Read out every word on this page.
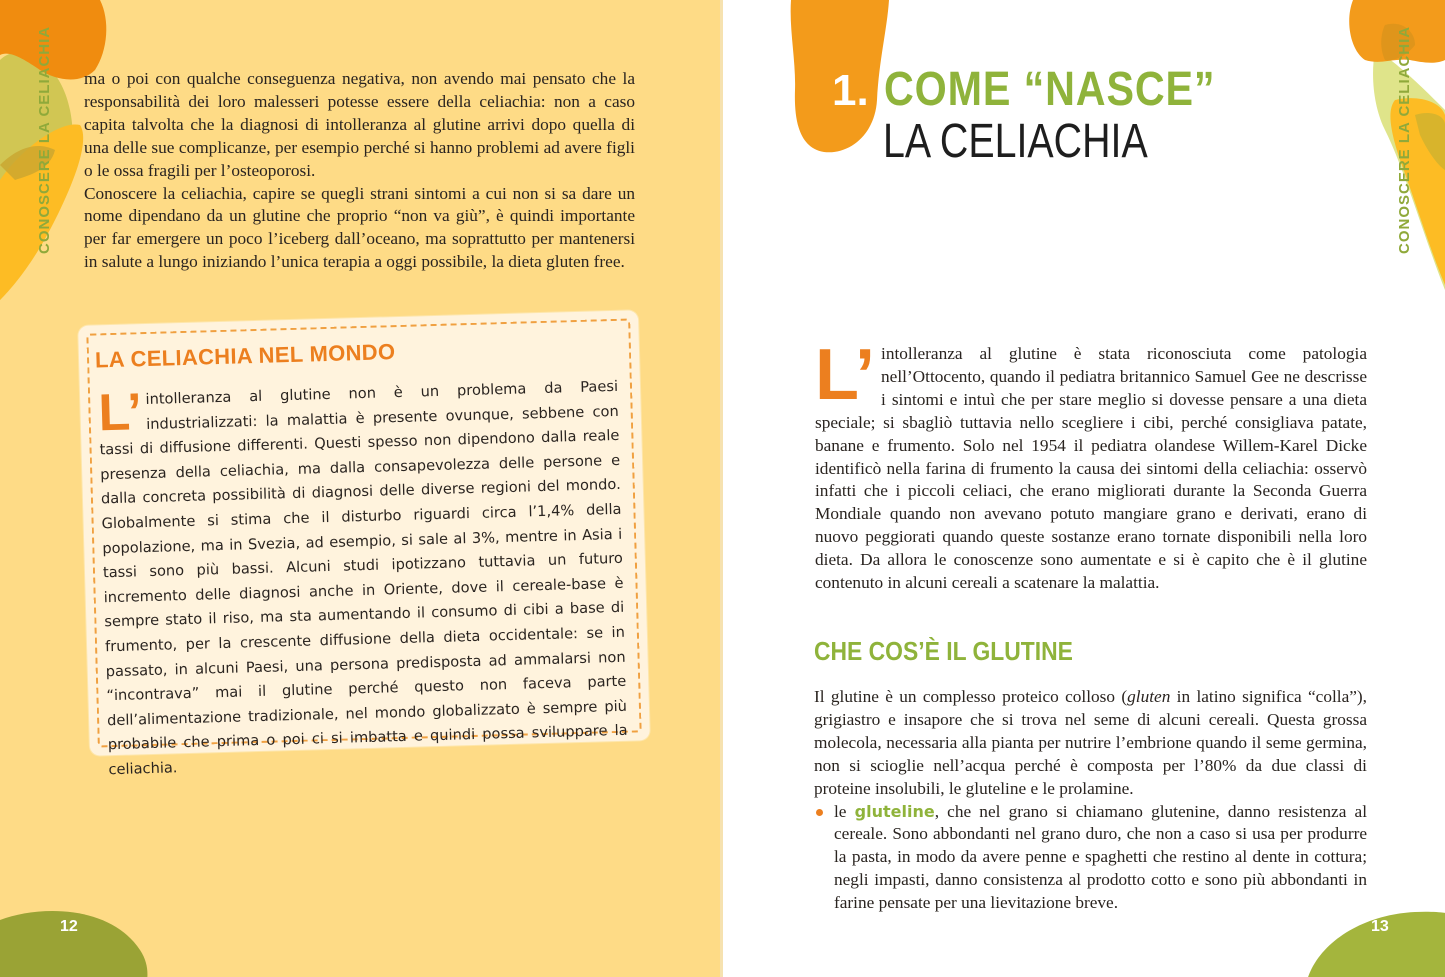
CONOSCERE LA CELIACHIA ma o poi con qualche conseguenza negativa, non avendo mai pensato che la responsabilità dei loro malesseri potesse essere della celiachia: non a caso capita talvolta che la diagnosi di intolleranza al glutine arrivi dopo quella di una delle sue complicanze, per esempio perché si hanno problemi ad avere figli o le ossa fragili per l’osteoporosi.

Conoscere la celiachia, capire se quegli strani sintomi a cui non si sa dare un nome dipendano da un glutine che proprio “non va giù”, è quindi importante per far emergere un poco l’iceberg dall’oceano, ma soprattutto per mantenersi in salute a lungo iniziando l’unica terapia a oggi possibile, la dieta gluten free.

LA CELIACHIA NEL MONDO
L’ intolleranza al glutine non è un problema da Paesi industrializzati: la malattia è presente ovunque, sebbene con tassi di diffusione differenti. Questi spesso non dipendono dalla reale presenza della celiachia, ma dalla consapevolezza delle persone e dalla concreta possibilità di diagnosi delle diverse regioni del mondo. Globalmente si stima che il disturbo riguardi circa l’1,4% della popolazione, ma in Svezia, ad esempio, si sale al 3%, mentre in Asia i tassi sono più bassi. Alcuni studi ipotizzano tuttavia un futuro incremento delle diagnosi anche in Oriente, dove il cereale-base è sempre stato il riso, ma sta aumentando il consumo di cibi a base di frumento, per la crescente diffusione della dieta occidentale: se in passato, in alcuni Paesi, una persona predisposta ad ammalarsi non “incontrava” mai il glutine perché questo non faceva parte dell’alimentazione tradizionale, nel mondo globalizzato è sempre più probabile che prima o poi ci si imbatta e quindi possa sviluppare la celiachia.
12
CONOSCERE LA CELIACHIA
1. COME “NASCE”
LA CELIACHIA
L’ intolleranza al glutine è stata riconosciuta come patologia nell’Ottocento, quando il pediatra britannico Samuel Gee ne descrisse i sintomi e intuì che per stare meglio si dovesse pensare a una dieta speciale; si sbagliò tuttavia nello scegliere i cibi, perché consigliava patate, banane e frumento. Solo nel 1954 il pediatra olandese Willem-Karel Dicke identificò nella farina di frumento la causa dei sintomi della celiachia: osservò infatti che i piccoli celiaci, che erano migliorati durante la Seconda Guerra Mondiale quando non avevano potuto mangiare grano e derivati, erano di nuovo peggiorati quando queste sostanze erano tornate disponibili nella loro dieta. Da allora le conoscenze sono aumentate e si è capito che è il glutine contenuto in alcuni cereali a scatenare la malattia.
CHE COS’È IL GLUTINE

Il glutine è un complesso proteico colloso (gluten in latino significa “colla”), grigiastro e insapore che si trova nel seme di alcuni cereali. Questa grossa molecola, necessaria alla pianta per nutrire l’embrione quando il seme germina, non si scioglie nell’acqua perché è composta per l’80% da due classi di proteine insolubili, le gluteline e le prolamine.

le gluteline, che nel grano si chiamano glutenine, danno resistenza al cereale. Sono abbondanti nel grano duro, che non a caso si usa per produrre la pasta, in modo da avere penne e spaghetti che restino al dente in cottura; negli impasti, danno consistenza al prodotto cotto e sono più abbondanti in farine pensate per una lievitazione breve.
13
